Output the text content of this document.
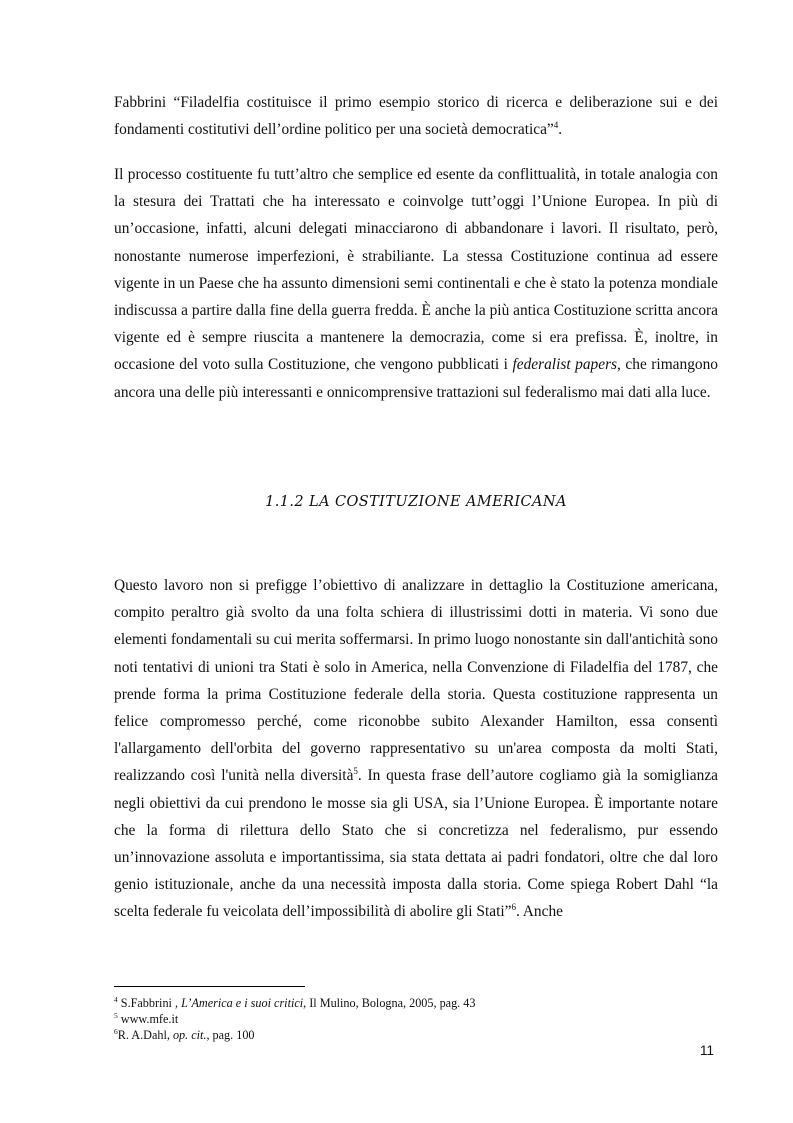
Fabbrini “Filadelfia costituisce il primo esempio storico di ricerca e deliberazione sui e dei fondamenti costitutivi dell’ordine politico per una società democratica”$^4$.

Il processo costituente fu tutt’altro che semplice ed esente da conflittualità, in totale analogia con la stesura dei Trattati che ha interessato e coinvolge tutt’oggi l’Unione Europea. In più di un’occasione, infatti, alcuni delegati minacciarono di abbandonare i lavori. Il risultato, però, nonostante numerose imperfezioni, è strabiliante. La stessa Costituzione continua ad essere vigente in un Paese che ha assunto dimensioni semi continentali e che è stato la potenza mondiale indiscussa a partire dalla fine della guerra fredda. È anche la più antica Costituzione scritta ancora vigente ed è sempre riuscita a mantenere la democrazia, come si era prefissa. È, inoltre, in occasione del voto sulla Costituzione, che vengono pubblicati i federalist papers, che rimangono ancora una delle più interessanti e onnicomprensive trattazioni sul federalismo mai dati alla luce.

1.1.2 LA COSTITUZIONE AMERICANA

Questo lavoro non si prefigge l’obiettivo di analizzare in dettaglio la Costituzione americana, compito peraltro già svolto da una folta schiera di illustrissimi dotti in materia. Vi sono due elementi fondamentali su cui merita soffermarsi. In primo luogo nonostante sin dall'antichità sono noti tentativi di unioni tra Stati è solo in America, nella Convenzione di Filadelfia del 1787, che prende forma la prima Costituzione federale della storia. Questa costituzione rappresenta un felice compromesso perché, come riconobbe subito Alexander Hamilton, essa consentì l'allargamento dell'orbita del governo rappresentativo su un'area composta da molti Stati, realizzando così l'unità nella diversità$^5$. In questa frase dell’autore cogliamo già la somiglianza negli obiettivi da cui prendono le mosse sia gli USA, sia l’Unione Europea. È importante notare che la forma di rilettura dello Stato che si concretizza nel federalismo, pur essendo un’innovazione assoluta e importantissima, sia stata dettata ai padri fondatori, oltre che dal loro genio istituzionale, anche da una necessità imposta dalla storia. Come spiega Robert Dahl “la scelta federale fu veicolata dell’impossibilità di abolire gli Stati”$^6$. Anche

$^4$ S.Fabbrini , L’America e i suoi critici, Il Mulino, Bologna, 2005, pag. 43

$^5$ www.mfe.it

$^6$R. A.Dahl, op. cit., pag. 100

11
